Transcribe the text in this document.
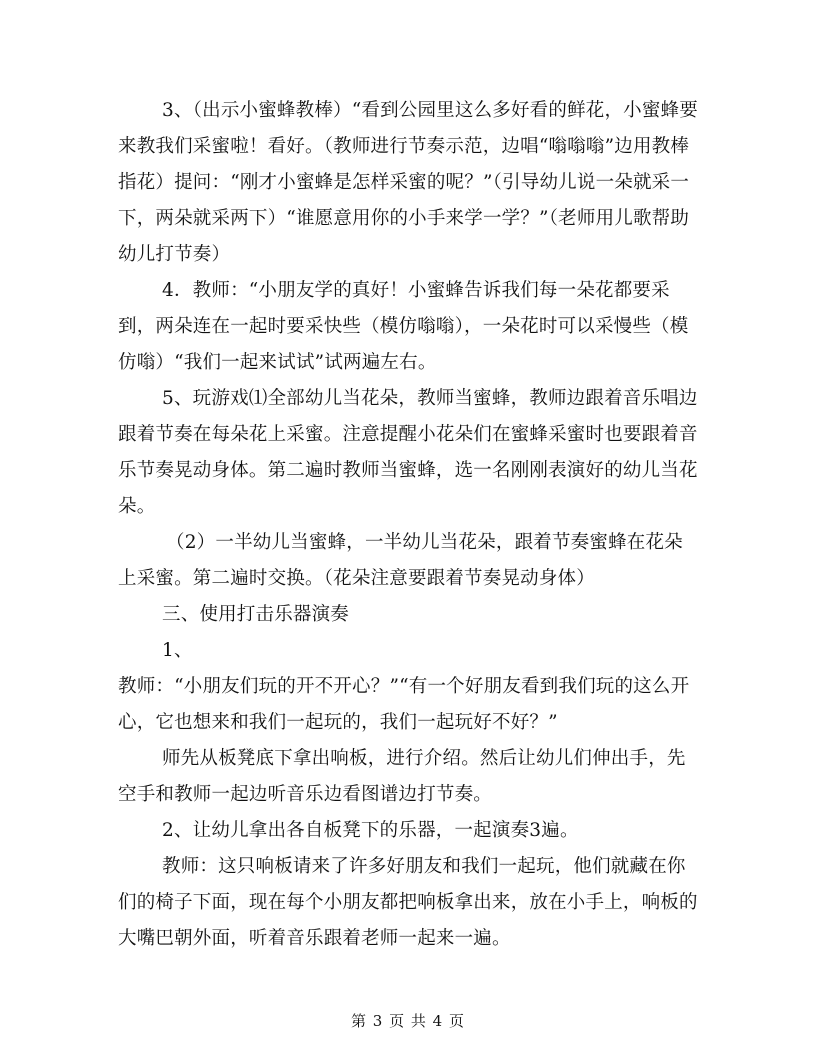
3、（出示小蜜蜂教棒）“看到公园里这么多好看的鲜花，小蜜蜂要来教我们采蜜啦！看好。（教师进行节奏示范，边唱“嗡嗡嗡”边用教棒指花）提问：“刚才小蜜蜂是怎样采蜜的呢？”（引导幼儿说一朵就采一下，两朵就采两下）“谁愿意用你的小手来学一学？”（老师用儿歌帮助幼儿打节奏）

4．教师：“小朋友学的真好！小蜜蜂告诉我们每一朵花都要采到，两朵连在一起时要采快些（模仿嗡嗡），一朵花时可以采慢些（模仿嗡）“我们一起来试试”试两遍左右。

5、玩游戏⑴全部幼儿当花朵，教师当蜜蜂，教师边跟着音乐唱边跟着节奏在每朵花上采蜜。注意提醒小花朵们在蜜蜂采蜜时也要跟着音乐节奏晃动身体。第二遍时教师当蜜蜂，选一名刚刚表演好的幼儿当花朵。

（2）一半幼儿当蜜蜂，一半幼儿当花朵，跟着节奏蜜蜂在花朵上采蜜。第二遍时交换。（花朵注意要跟着节奏晃动身体）

三、使用打击乐器演奏

1、

教师：“小朋友们玩的开不开心？”“有一个好朋友看到我们玩的这么开心，它也想来和我们一起玩的，我们一起玩好不好？”

师先从板凳底下拿出响板，进行介绍。然后让幼儿们伸出手，先空手和教师一起边听音乐边看图谱边打节奏。

2、让幼儿拿出各自板凳下的乐器，一起演奏3遍。

教师：这只响板请来了许多好朋友和我们一起玩，他们就藏在你们的椅子下面，现在每个小朋友都把响板拿出来，放在小手上，响板的大嘴巴朝外面，听着音乐跟着老师一起来一遍。

第 3 页 共 4 页
